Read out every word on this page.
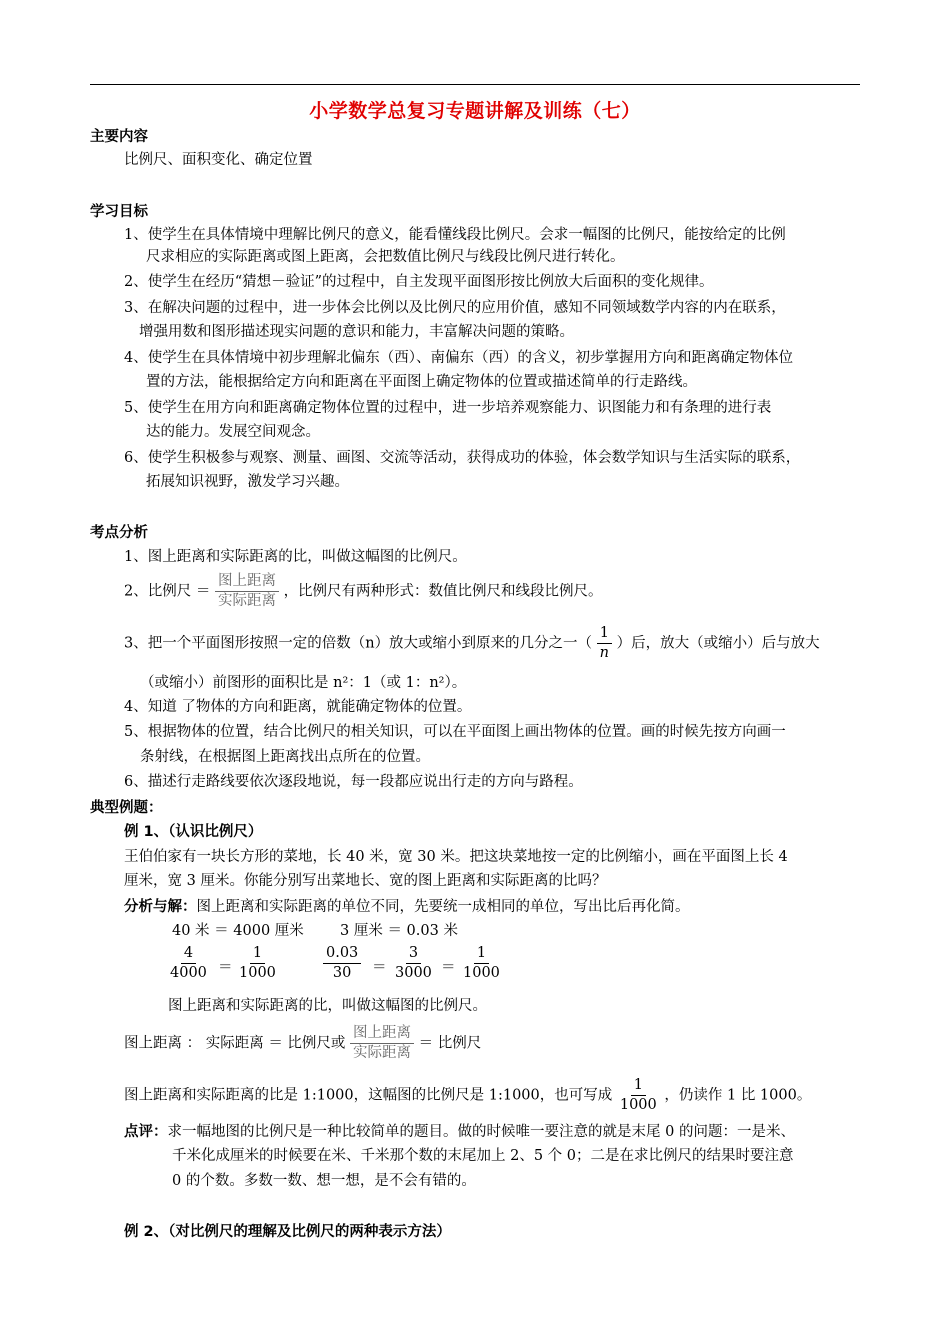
小学数学总复习专题讲解及训练（七）
主要内容
比例尺、面积变化、确定位置
学习目标
1、使学生在具体情境中理解比例尺的意义，能看懂线段比例尺。会求一幅图的比例尺，能按给定的比例
尺求相应的实际距离或图上距离，会把数值比例尺与线段比例尺进行转化。
2、使学生在经历“猜想－验证”的过程中，自主发现平面图形按比例放大后面积的变化规律。
3、在解决问题的过程中，进一步体会比例以及比例尺的应用价值，感知不同领域数学内容的内在联系，
增强用数和图形描述现实问题的意识和能力，丰富解决问题的策略。
4、使学生在具体情境中初步理解北偏东（西）、南偏东（西）的含义，初步掌握用方向和距离确定物体位
置的方法，能根据给定方向和距离在平面图上确定物体的位置或描述简单的行走路线。
5、使学生在用方向和距离确定物体位置的过程中，进一步培养观察能力、识图能力和有条理的进行表
达的能力。发展空间观念。
6、使学生积极参与观察、测量、画图、交流等活动，获得成功的体验，体会数学知识与生活实际的联系，
拓展知识视野，激发学习兴趣。
考点分析
1、图上距离和实际距离的比，叫做这幅图的比例尺。
2、比例尺 ＝ $\frac{\text{图上距离}}{\text{实际距离}}$ ，比例尺有两种形式：数值比例尺和线段比例尺。
3、把一个平面图形按照一定的倍数（n）放大或缩小到原来的几分之一（ $\frac{1}{n}$ ）后，放大（或缩小）后与放大
（或缩小）前图形的面积比是 n²：1（或 1：n²）。
4、知道 了物体的方向和距离，就能确定物体的位置。
5、根据物体的位置，结合比例尺的相关知识，可以在平面图上画出物体的位置。画的时候先按方向画一
条射线，在根据图上距离找出点所在的位置。
6、描述行走路线要依次逐段地说，每一段都应说出行走的方向与路程。
典型例题：
例 1、（认识比例尺）
王伯伯家有一块长方形的菜地，长 40 米，宽 30 米。把这块菜地按一定的比例缩小，画在平面图上长 4
厘米，宽 3 厘米。你能分别写出菜地长、宽的图上距离和实际距离的比吗？
分析与解：图上距离和实际距离的单位不同，先要统一成相同的单位，写出比后再化简。
40 米 ＝ 4000 厘米 3 厘米 ＝ 0.03 米
$\frac{4}{4000} = \frac{1}{1000}$	$\frac{0.03}{30} = \frac{3}{3000} = \frac{1}{1000}$
图上距离和实际距离的比，叫做这幅图的比例尺。
图上距离 ： 实际距离 ＝ 比例尺或 $\frac{\text{图上距离}}{\text{实际距离}}$ ＝ 比例尺
图上距离和实际距离的比是 1:1000，这幅图的比例尺是 1:1000，也可写成 $\frac{1}{1000}$ ，仍读作 1 比 1000。
点评：求一幅地图的比例尺是一种比较简单的题目。做的时候唯一要注意的就是末尾 0 的问题：一是米、
千米化成厘米的时候要在米、千米那个数的末尾加上 2、5 个 0；二是在求比例尺的结果时要注意
0 的个数。多数一数、想一想，是不会有错的。
例 2、（对比例尺的理解及比例尺的两种表示方法）
